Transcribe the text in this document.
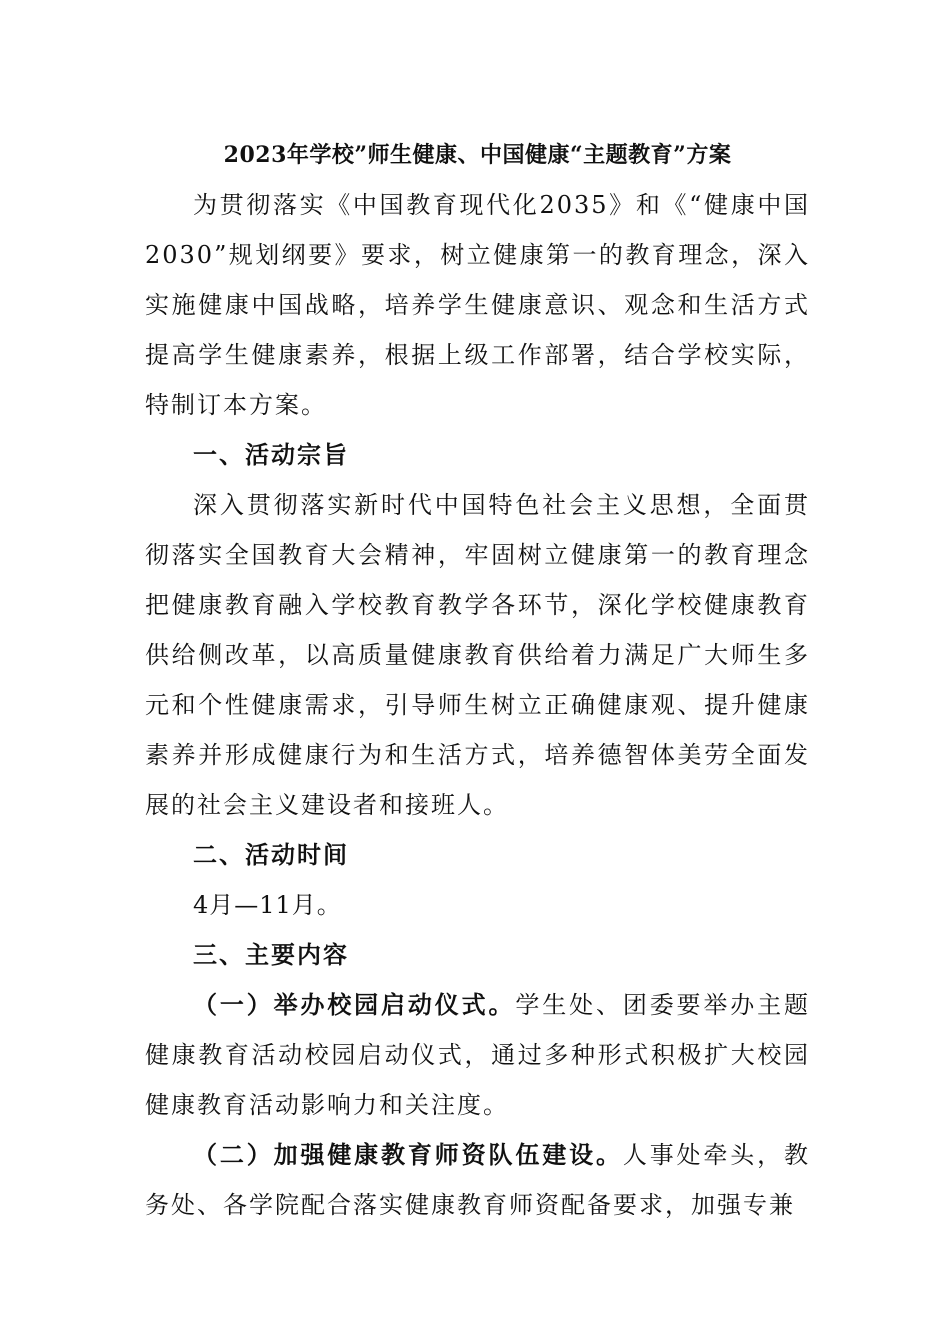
2023年学校”师生健康、中国健康“主题教育”方案

为贯彻落实《中国教育现代化2035》和《“健康中国2030”规划纲要》要求，树立健康第一的教育理念，深入实施健康中国战略，培养学生健康意识、观念和生活方式提高学生健康素养，根据上级工作部署，结合学校实际，特制订本方案。

一、活动宗旨

深入贯彻落实新时代中国特色社会主义思想，全面贯彻落实全国教育大会精神，牢固树立健康第一的教育理念把健康教育融入学校教育教学各环节，深化学校健康教育供给侧改革，以高质量健康教育供给着力满足广大师生多元和个性健康需求，引导师生树立正确健康观、提升健康素养并形成健康行为和生活方式，培养德智体美劳全面发展的社会主义建设者和接班人。

二、活动时间

4月—11月。

三、主要内容

（一）举办校园启动仪式。学生处、团委要举办主题健康教育活动校园启动仪式，通过多种形式积极扩大校园健康教育活动影响力和关注度。

（二）加强健康教育师资队伍建设。人事处牵头，教务处、各学院配合落实健康教育师资配备要求，加强专兼
